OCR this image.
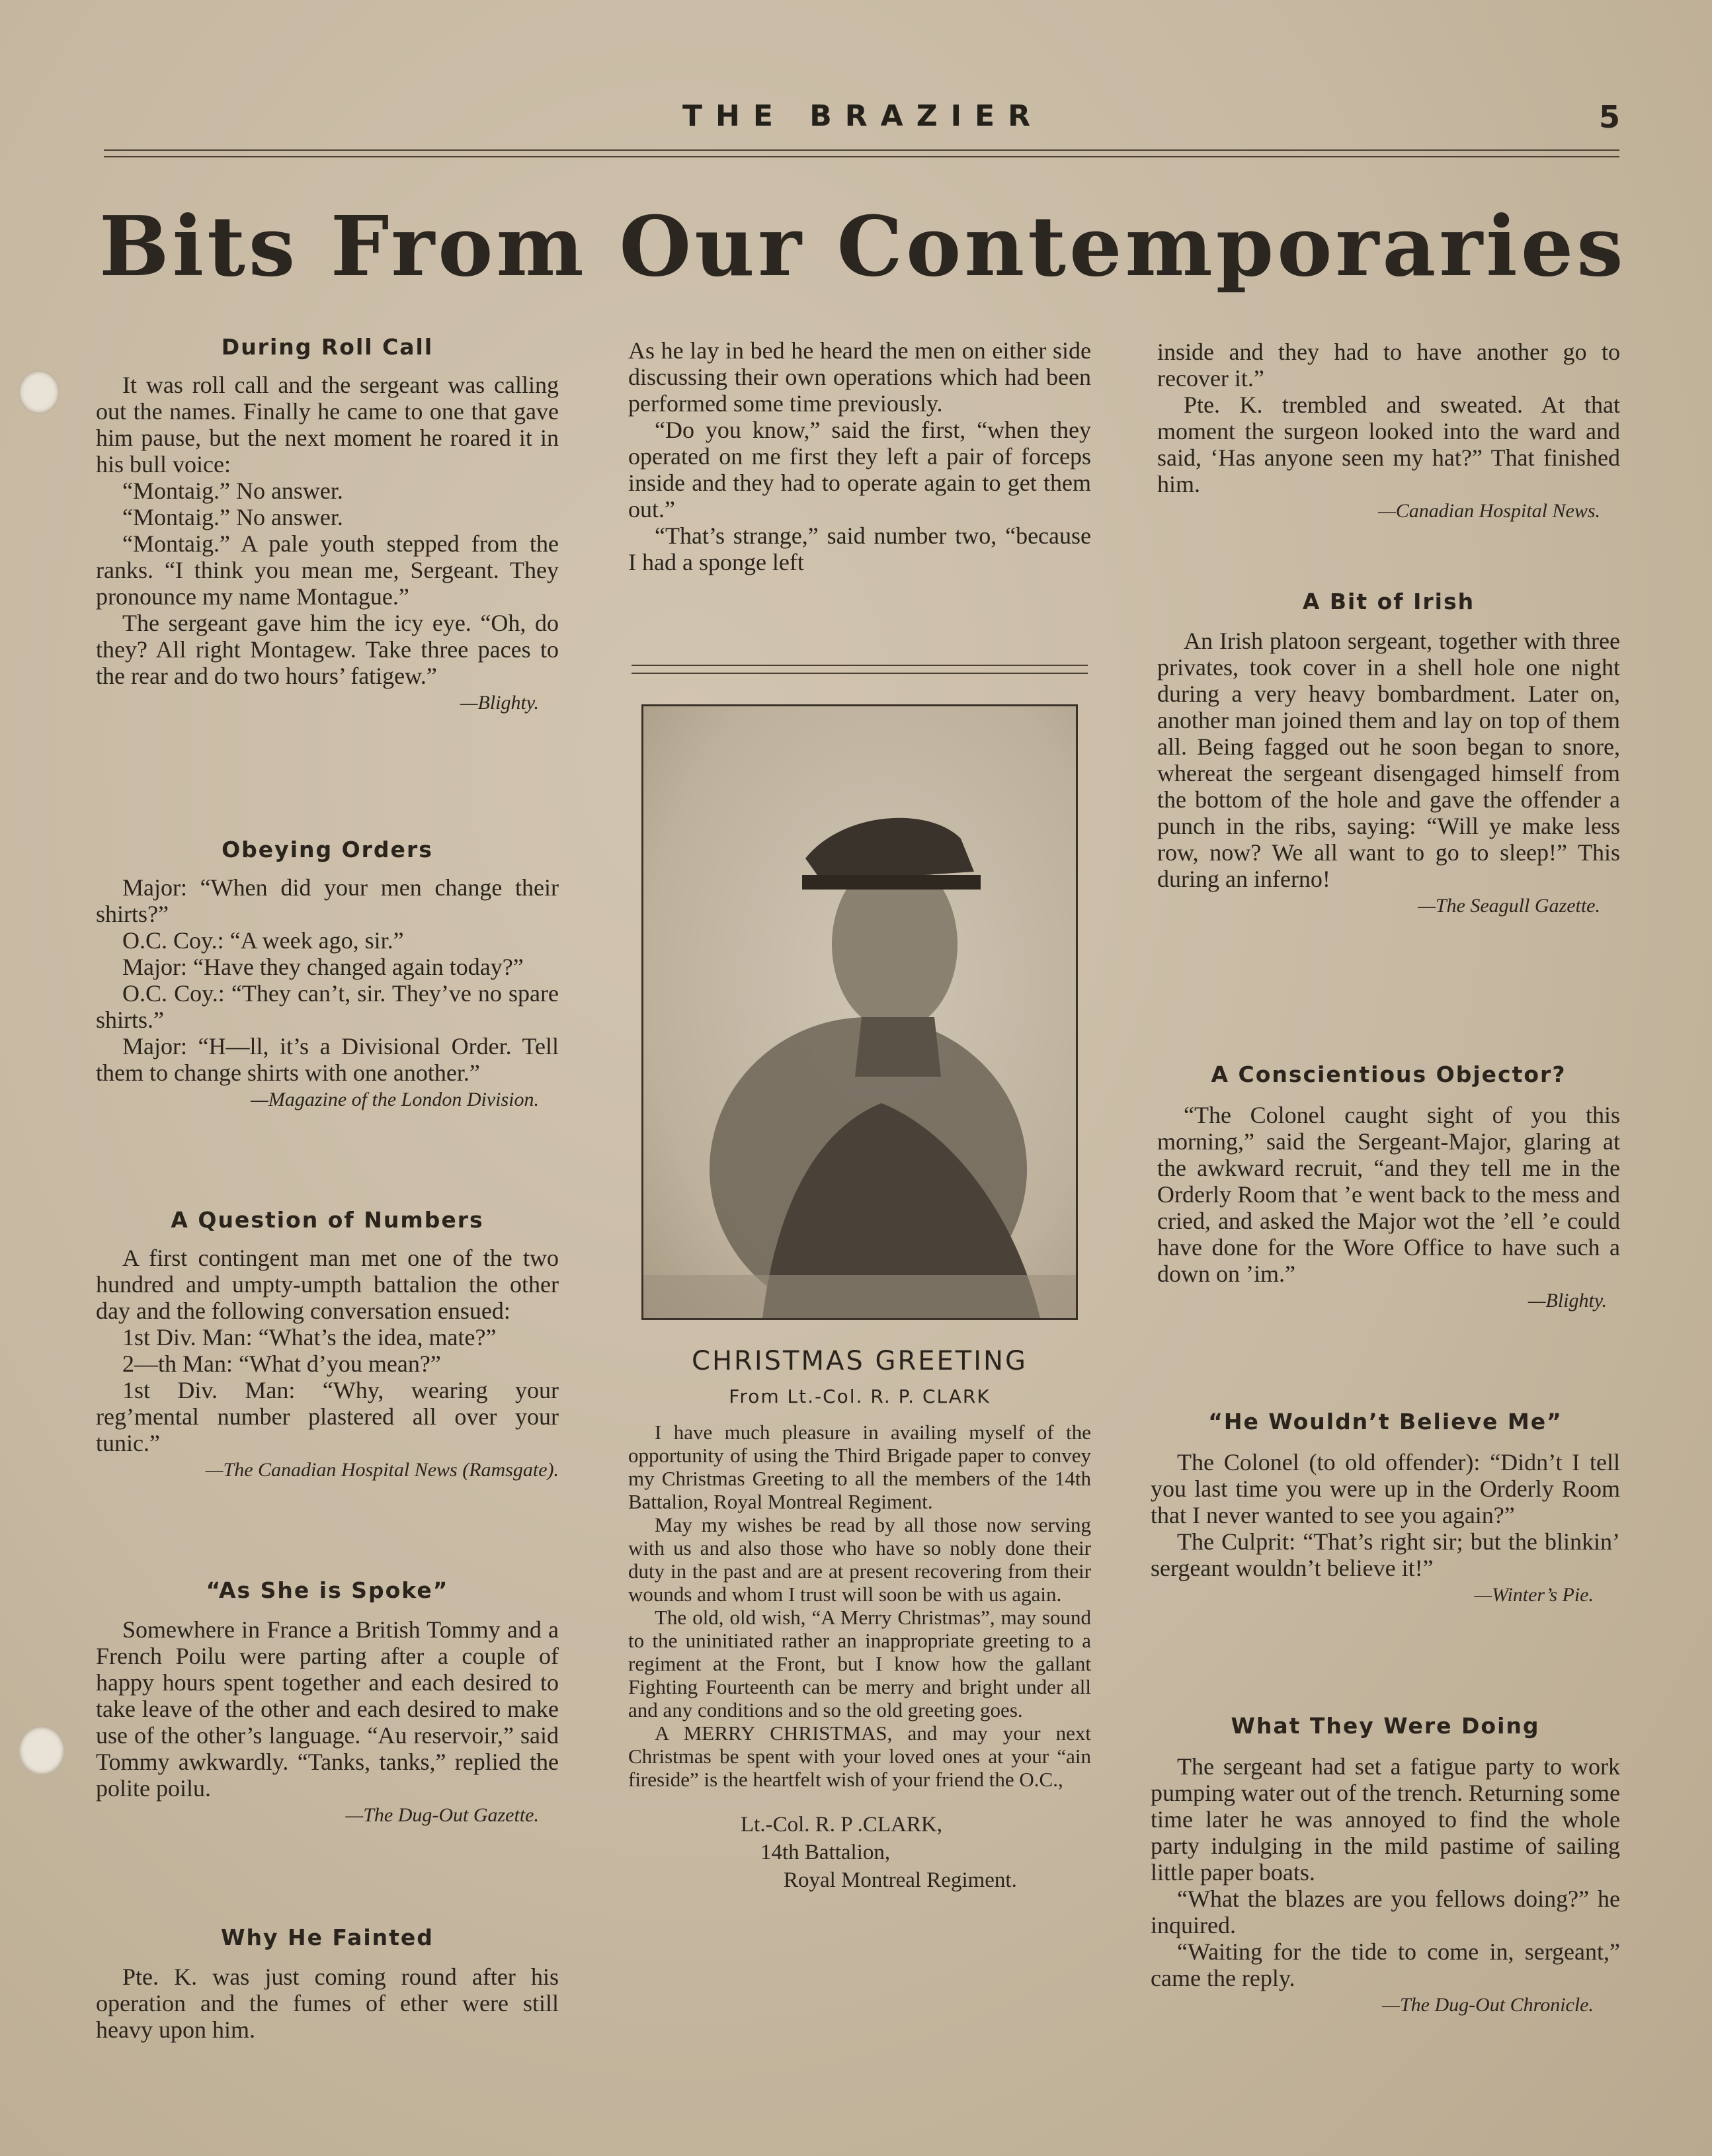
THE BRAZIER	5
Bits From Our Contemporaries
During Roll Call

It was roll call and the sergeant was calling out the names. Finally he came to one that gave him pause, but the next moment he roared it in his bull voice:

“Montaig.” No answer.

“Montaig.” No answer.

“Montaig.” A pale youth stepped from the ranks. “I think you mean me, Sergeant. They pronounce my name Montague.”

The sergeant gave him the icy eye. “Oh, do they? All right Montagew. Take three paces to the rear and do two hours’ fatigew.”

—Blighty.
Obeying Orders

Major: “When did your men change their shirts?”

O.C. Coy.: “A week ago, sir.”

Major: “Have they changed again today?”

O.C. Coy.: “They can’t, sir. They’ve no spare shirts.”

Major: “H—ll, it’s a Divisional Order. Tell them to change shirts with one another.”

—Magazine of the London Division.
A Question of Numbers

A first contingent man met one of the two hundred and umpty-umpth battalion the other day and the following conversation ensued:

1st Div. Man: “What’s the idea, mate?”

2—th Man: “What d’you mean?”

1st Div. Man: “Why, wearing your reg’mental number plastered all over your tunic.”

—The Canadian Hospital News (Ramsgate).
“As She is Spoke”

Somewhere in France a British Tommy and a French Poilu were parting after a couple of happy hours spent together and each desired to take leave of the other and each desired to make use of the other’s language. “Au reservoir,” said Tommy awkwardly. “Tanks, tanks,” replied the polite poilu.

—The Dug-Out Gazette.
Why He Fainted

Pte. K. was just coming round after his operation and the fumes of ether were still heavy upon him.

As he lay in bed he heard the men on either side discussing their own operations which had been performed some time previously.

“Do you know,” said the first, “when they operated on me first they left a pair of forceps inside and they had to operate again to get them out.”

“That’s strange,” said number two, “because I had a sponge left

CHRISTMAS GREETING
From Lt.-Col. R. P. CLARK

I have much pleasure in availing myself of the opportunity of using the Third Brigade paper to convey my Christmas Greeting to all the members of the 14th Battalion, Royal Montreal Regiment.

May my wishes be read by all those now serving with us and also those who have so nobly done their duty in the past and are at present recovering from their wounds and whom I trust will soon be with us again.

The old, old wish, “A Merry Christmas”, may sound to the uninitiated rather an inappropriate greeting to a regiment at the Front, but I know how the gallant Fighting Fourteenth can be merry and bright under all and any conditions and so the old greeting goes.

A MERRY CHRISTMAS, and may your next Christmas be spent with your loved ones at your “ain fireside” is the heartfelt wish of your friend the O.C.,

Lt.-Col. R. P .CLARK,
14th Battalion,
Royal Montreal Regiment.

inside and they had to have another go to recover it.”

Pte. K. trembled and sweated. At that moment the surgeon looked into the ward and said, ‘Has anyone seen my hat?” That finished him.

—Canadian Hospital News.
A Bit of Irish

An Irish platoon sergeant, together with three privates, took cover in a shell hole one night during a very heavy bombardment. Later on, another man joined them and lay on top of them all. Being fagged out he soon began to snore, whereat the sergeant disengaged himself from the bottom of the hole and gave the offender a punch in the ribs, saying: “Will ye make less row, now? We all want to go to sleep!” This during an inferno!

—The Seagull Gazette.
A Conscientious Objector?

“The Colonel caught sight of you this morning,” said the Sergeant-Major, glaring at the awkward recruit, “and they tell me in the Orderly Room that ’e went back to the mess and cried, and asked the Major wot the ’ell ’e could have done for the Wore Office to have such a down on ’im.”

—Blighty.
“He Wouldn’t Believe Me”

The Colonel (to old offender): “Didn’t I tell you last time you were up in the Orderly Room that I never wanted to see you again?”

The Culprit: “That’s right sir; but the blinkin’ sergeant wouldn’t believe it!”

—Winter’s Pie.
What They Were Doing

The sergeant had set a fatigue party to work pumping water out of the trench. Returning some time later he was annoyed to find the whole party indulging in the mild pastime of sailing little paper boats.

“What the blazes are you fellows doing?” he inquired.

“Waiting for the tide to come in, sergeant,” came the reply.

—The Dug-Out Chronicle.
